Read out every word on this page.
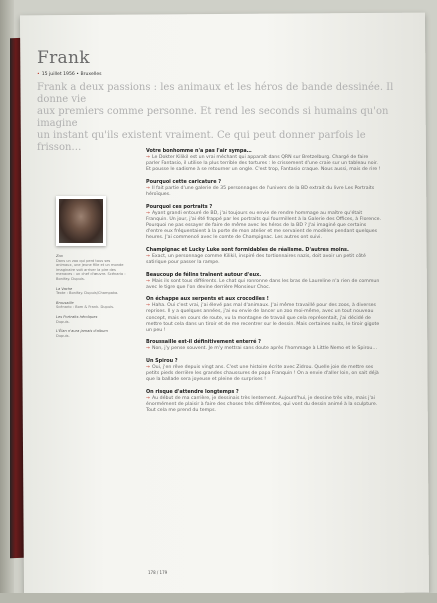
Frank
• 15 juillet 1956 • Bruxelles
Frank a deux passions : les animaux et les héros de bande dessinée. Il donne vie
aux premiers comme personne. Et rend les seconds si humains qu'on imagine
un instant qu'ils existent vraiment. Ce qui peut donner parfois le frisson…
Zoo
Dans un zoo qui perd tous ses animaux, une jeune fille et un monde imaginaire voit arriver la pire des menaces : un chef d'œuvre. Scénario : Bonifay. Dupuis.
La Vache
Texte : Bonifay. Dupuis/Champaka.
Brousaille
Scénario : Bom & Frank. Dupuis.
Les Portraits héroïques
Dupuis.
L'Élan n'aura jamais d'album
Dupuis.
Votre bonhomme n'a pas l'air sympa…
→ Le Dokter Kilikil est un vrai méchant qui apparaît dans QRN sur Bretzelburg. Chargé de faire parler Fantasio, il utilise la plus terrible des tortures : le crissement d'une craie sur un tableau noir. Et pousse le sadisme à se retourner un ongle. C'est trop, Fantasio craque. Nous aussi, mais de rire !
Pourquoi cette caricature ?
→ Il fait partie d'une galerie de 35 personnages de l'univers de la BD extrait du livre Les Portraits héroïques.
Pourquoi ces portraits ?
→ Ayant grandi entouré de BD, j'ai toujours eu envie de rendre hommage au maître qu'était Franquin. Un jour, j'ai été frappé par les portraits qui fourmillent à la Galerie des Offices, à Florence. Pourquoi ne pas essayer de faire de même avec les héros de la BD ? J'ai imaginé que certains d'entre eux fréquentaient à la porte de mon atelier et me servaient de modèles pendant quelques heures. J'ai commencé avec le comte de Champignac. Les autres ont suivi.
Champignac et Lucky Luke sont formidables de réalisme. D'autres moins.
→ Exact, un personnage comme Kilikil, inspiré des tortionnaires nazis, doit avoir un petit côté satirique pour passer la rampe.
Beaucoup de félins traînent autour d'eux.
→ Mais ils sont tous différents. Le chat qui ronronne dans les bras de Laureline n'a rien de commun avec le tigre que l'on devine derrière Monsieur Choc.
On échappe aux serpents et aux crocodiles !
→ Haha. Oui c'est vrai, j'ai élevé pas mal d'animaux. J'ai même travaillé pour des zoos, à diverses reprises. Il y a quelques années, j'ai eu envie de lancer un zoo moi-même, avec un tout nouveau concept, mais en cours de route, vu la montagne de travail que cela représentait, j'ai décidé de mettre tout cela dans un tiroir et de me recentrer sur le dessin. Mais certaines nuits, le tiroir gigote un peu !
Broussaille est-il définitivement enterré ?
→ Non, j'y pense souvent. Je m'y mettrai sans doute après l'hommage à Little Nemo et le Spirou…
Un Spirou ?
→ Oui, j'en rêve depuis vingt ans. C'est une histoire écrite avec Zidrou. Quelle joie de mettre ses petits pieds derrière les grandes chaussures de papa Franquin ! On a envie d'aller loin, on sait déjà que la ballade sera joyeuse et pleine de surprises !
On risque d'attendre longtemps ?
→ Au début de ma carrière, je dessinais très lentement. Aujourd'hui, je dessine très vite, mais j'ai énormément de plaisir à faire des choses très différentes, qui vont du dessin animé à la sculpture. Tout cela me prend du temps.
178 / 179
